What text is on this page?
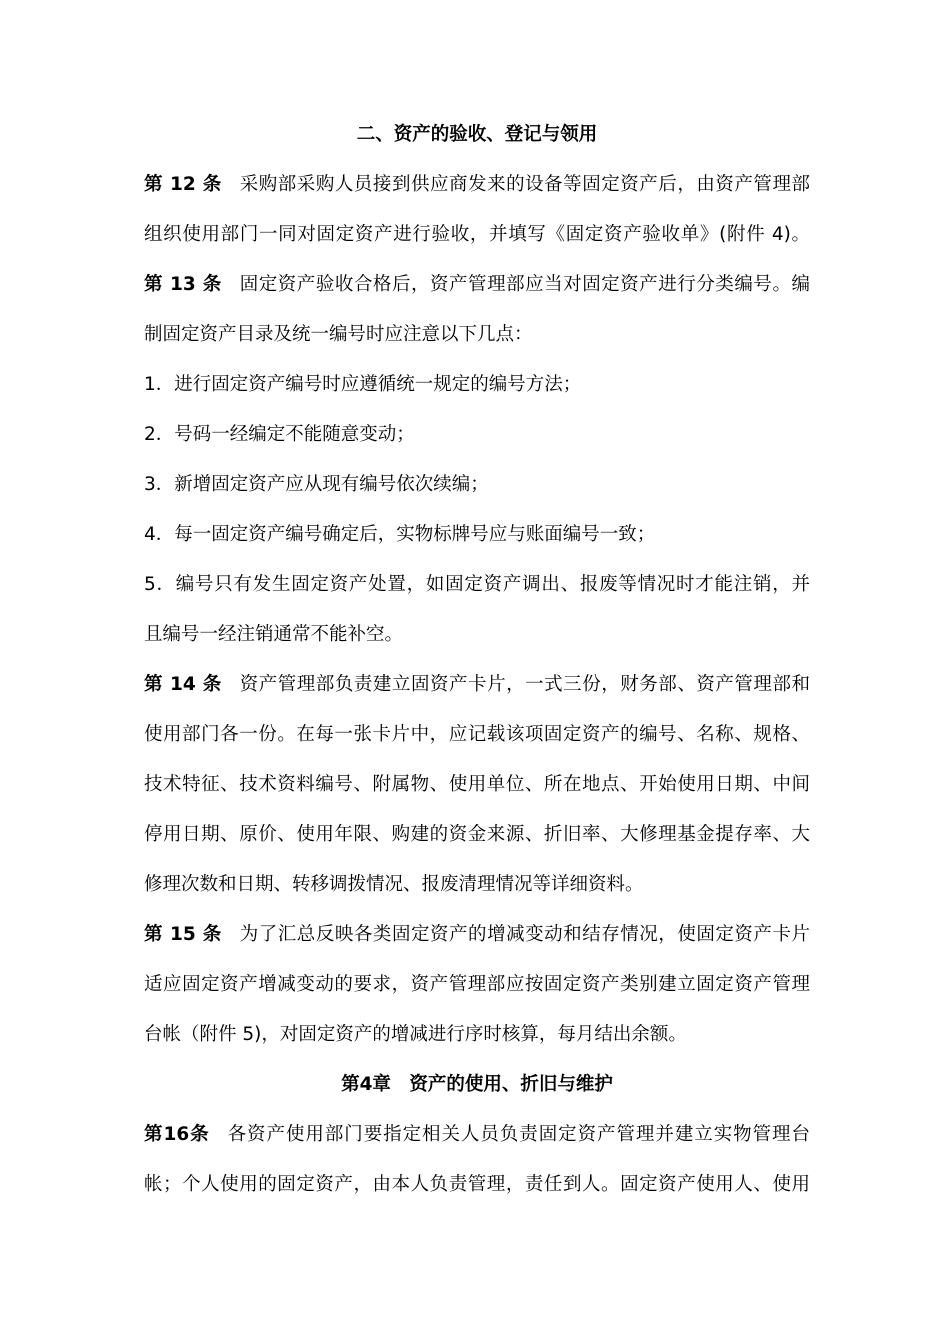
二、资产的验收、登记与领用
第 12 条 采购部采购人员接到供应商发来的设备等固定资产后，由资产管理部
组织使用部门一同对固定资产进行验收，并填写《固定资产验收单》(附件 4)。
第 13 条 固定资产验收合格后，资产管理部应当对固定资产进行分类编号。编
制固定资产目录及统一编号时应注意以下几点：
1．进行固定资产编号时应遵循统一规定的编号方法；
2．号码一经编定不能随意变动；
3．新增固定资产应从现有编号依次续编；
4．每一固定资产编号确定后，实物标牌号应与账面编号一致；
5．编号只有发生固定资产处置，如固定资产调出、报废等情况时才能注销，并
且编号一经注销通常不能补空。
第 14 条 资产管理部负责建立固资产卡片，一式三份，财务部、资产管理部和
使用部门各一份。在每一张卡片中，应记载该项固定资产的编号、名称、规格、
技术特征、技术资料编号、附属物、使用单位、所在地点、开始使用日期、中间
停用日期、原价、使用年限、购建的资金来源、折旧率、大修理基金提存率、大
修理次数和日期、转移调拨情况、报废清理情况等详细资料。
第 15 条 为了汇总反映各类固定资产的增减变动和结存情况，使固定资产卡片
适应固定资产增减变动的要求，资产管理部应按固定资产类别建立固定资产管理
台帐（附件 5)，对固定资产的增减进行序时核算，每月结出余额。
第4章　资产的使用、折旧与维护
第16条 各资产使用部门要指定相关人员负责固定资产管理并建立实物管理台
帐；个人使用的固定资产，由本人负责管理，责任到人。固定资产使用人、使用
